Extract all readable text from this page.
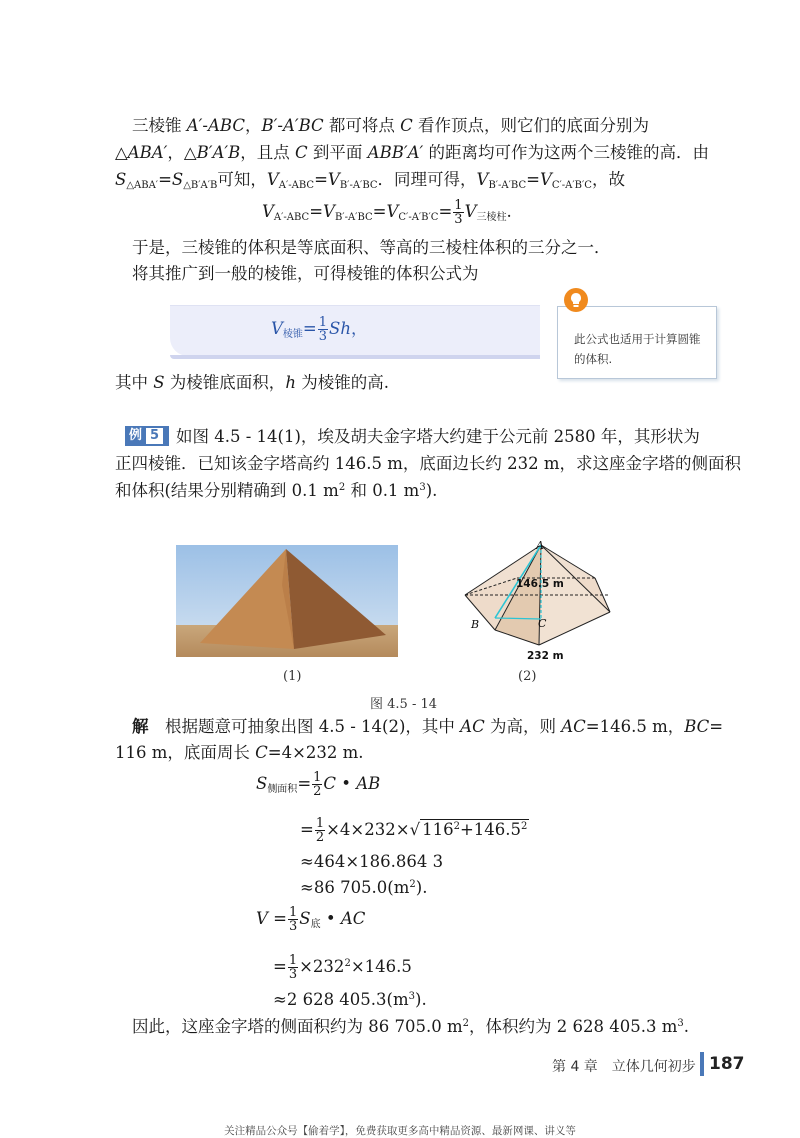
三棱锥 A′-ABC，B′-A′BC 都可将点 C 看作顶点，则它们的底面分别为
△ABA′，△B′A′B，且点 C 到平面 ABB′A′ 的距离均可作为这两个三棱锥的高．由
$S_{\triangle ABA'}=S_{\triangle B'A'B}$可知，$V_{A'-ABC}=V_{B'-A'BC}$．同理可得，$V_{B'-A'BC}=V_{C'-A'B'C}$，故
$V_{A'-ABC}=V_{B'-A'BC}=V_{C'-A'B'C}= \frac{1}{3} V_{三棱柱}$.
于是，三棱锥的体积是等底面积、等高的三棱柱体积的三分之一．
将其推广到一般的棱锥，可得棱锥的体积公式为
$V_{棱锥}= \frac{1}{3}$ Sh，
此公式也适用于计算圆锥的体积.
其中 S 为棱锥底面积，h 为棱锥的高.
例 5	如图 4.5 - 14(1)，埃及胡夫金字塔大约建于公元前 2580 年，其形状为
正四棱锥．已知该金字塔高约 146.5 m，底面边长约 232 m，求这座金字塔的侧面积
和体积(结果分别精确到 0.1 $m^2$ 和 0.1 $m^3$).
A
B	C
146.5 m
232 m
(1)	(2)
图 4.5 - 14
解　 根据题意可抽象出图 4.5 - 14(2)，其中 AC 为高，则 AC=146.5 m，BC=
116 m，底面周长 C=4×232 m.
$S_{侧面积}= \frac{1}{2}$ C • AB
= $\frac{1}{2} \times 4\times 232\times√$ $116^2+146.5^2$
≈464×186.864 3
≈86 $705.0(m^2)$.
$V = \frac{1}{3} S_底$ • AC
= $\frac{1}{3} \times 232^2\times 146.5$
≈2 628 $405.3(m^3)$.
因此，这座金字塔的侧面积约为 86 705.0 $m^2$，体积约为 2 628 405.3 $m^3$.
第 4 章　立体几何初步 187
关注精品公众号【偷着学】，免费获取更多高中精品资源、最新网课、讲义等
